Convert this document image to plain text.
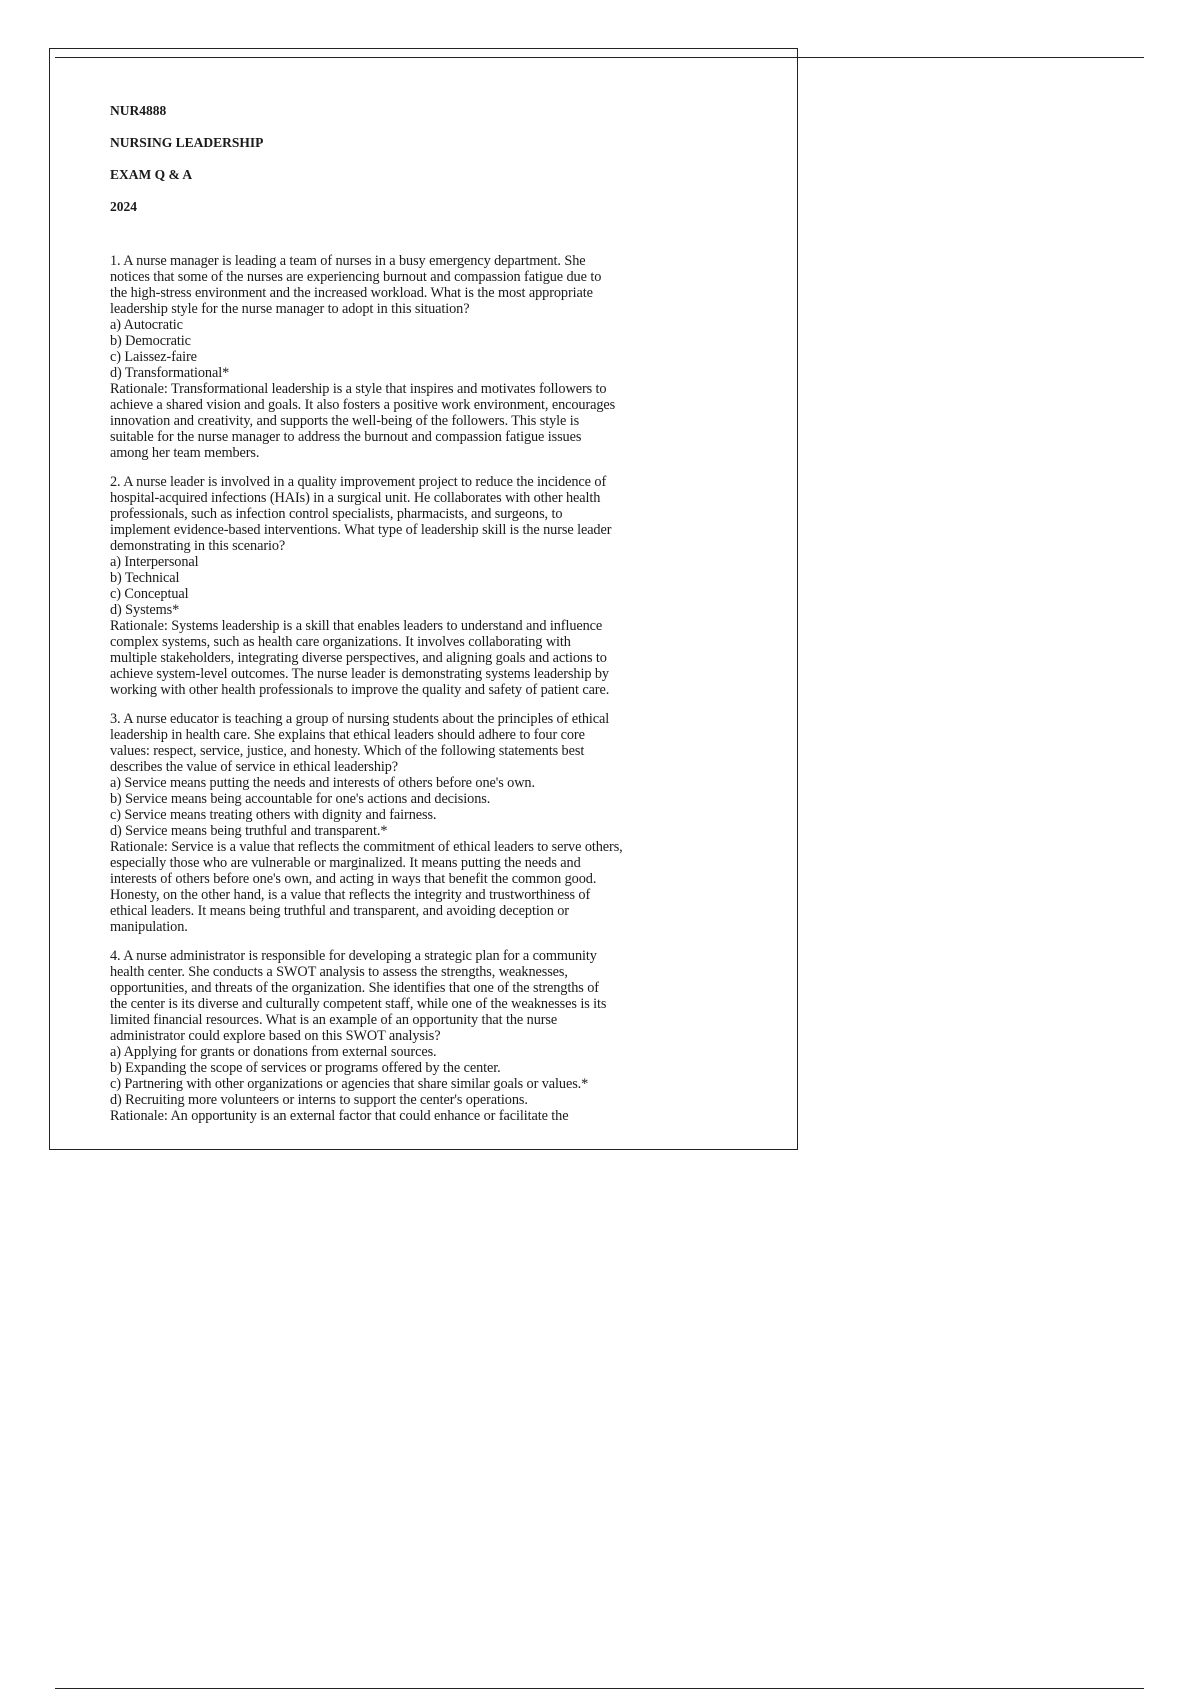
NUR4888
NURSING LEADERSHIP
EXAM Q & A
2024
1. A nurse manager is leading a team of nurses in a busy emergency department. She
notices that some of the nurses are experiencing burnout and compassion fatigue due to
the high-stress environment and the increased workload. What is the most appropriate
leadership style for the nurse manager to adopt in this situation?
a) Autocratic
b) Democratic
c) Laissez-faire
d) Transformational*
Rationale: Transformational leadership is a style that inspires and motivates followers to
achieve a shared vision and goals. It also fosters a positive work environment, encourages
innovation and creativity, and supports the well-being of the followers. This style is
suitable for the nurse manager to address the burnout and compassion fatigue issues
among her team members.
2. A nurse leader is involved in a quality improvement project to reduce the incidence of
hospital-acquired infections (HAIs) in a surgical unit. He collaborates with other health
professionals, such as infection control specialists, pharmacists, and surgeons, to
implement evidence-based interventions. What type of leadership skill is the nurse leader
demonstrating in this scenario?
a) Interpersonal
b) Technical
c) Conceptual
d) Systems*
Rationale: Systems leadership is a skill that enables leaders to understand and influence
complex systems, such as health care organizations. It involves collaborating with
multiple stakeholders, integrating diverse perspectives, and aligning goals and actions to
achieve system-level outcomes. The nurse leader is demonstrating systems leadership by
working with other health professionals to improve the quality and safety of patient care.
3. A nurse educator is teaching a group of nursing students about the principles of ethical
leadership in health care. She explains that ethical leaders should adhere to four core
values: respect, service, justice, and honesty. Which of the following statements best
describes the value of service in ethical leadership?
a) Service means putting the needs and interests of others before one's own.
b) Service means being accountable for one's actions and decisions.
c) Service means treating others with dignity and fairness.
d) Service means being truthful and transparent.*
Rationale: Service is a value that reflects the commitment of ethical leaders to serve others,
especially those who are vulnerable or marginalized. It means putting the needs and
interests of others before one's own, and acting in ways that benefit the common good.
Honesty, on the other hand, is a value that reflects the integrity and trustworthiness of
ethical leaders. It means being truthful and transparent, and avoiding deception or
manipulation.
4. A nurse administrator is responsible for developing a strategic plan for a community
health center. She conducts a SWOT analysis to assess the strengths, weaknesses,
opportunities, and threats of the organization. She identifies that one of the strengths of
the center is its diverse and culturally competent staff, while one of the weaknesses is its
limited financial resources. What is an example of an opportunity that the nurse
administrator could explore based on this SWOT analysis?
a) Applying for grants or donations from external sources.
b) Expanding the scope of services or programs offered by the center.
c) Partnering with other organizations or agencies that share similar goals or values.*
d) Recruiting more volunteers or interns to support the center's operations.
Rationale: An opportunity is an external factor that could enhance or facilitate the
